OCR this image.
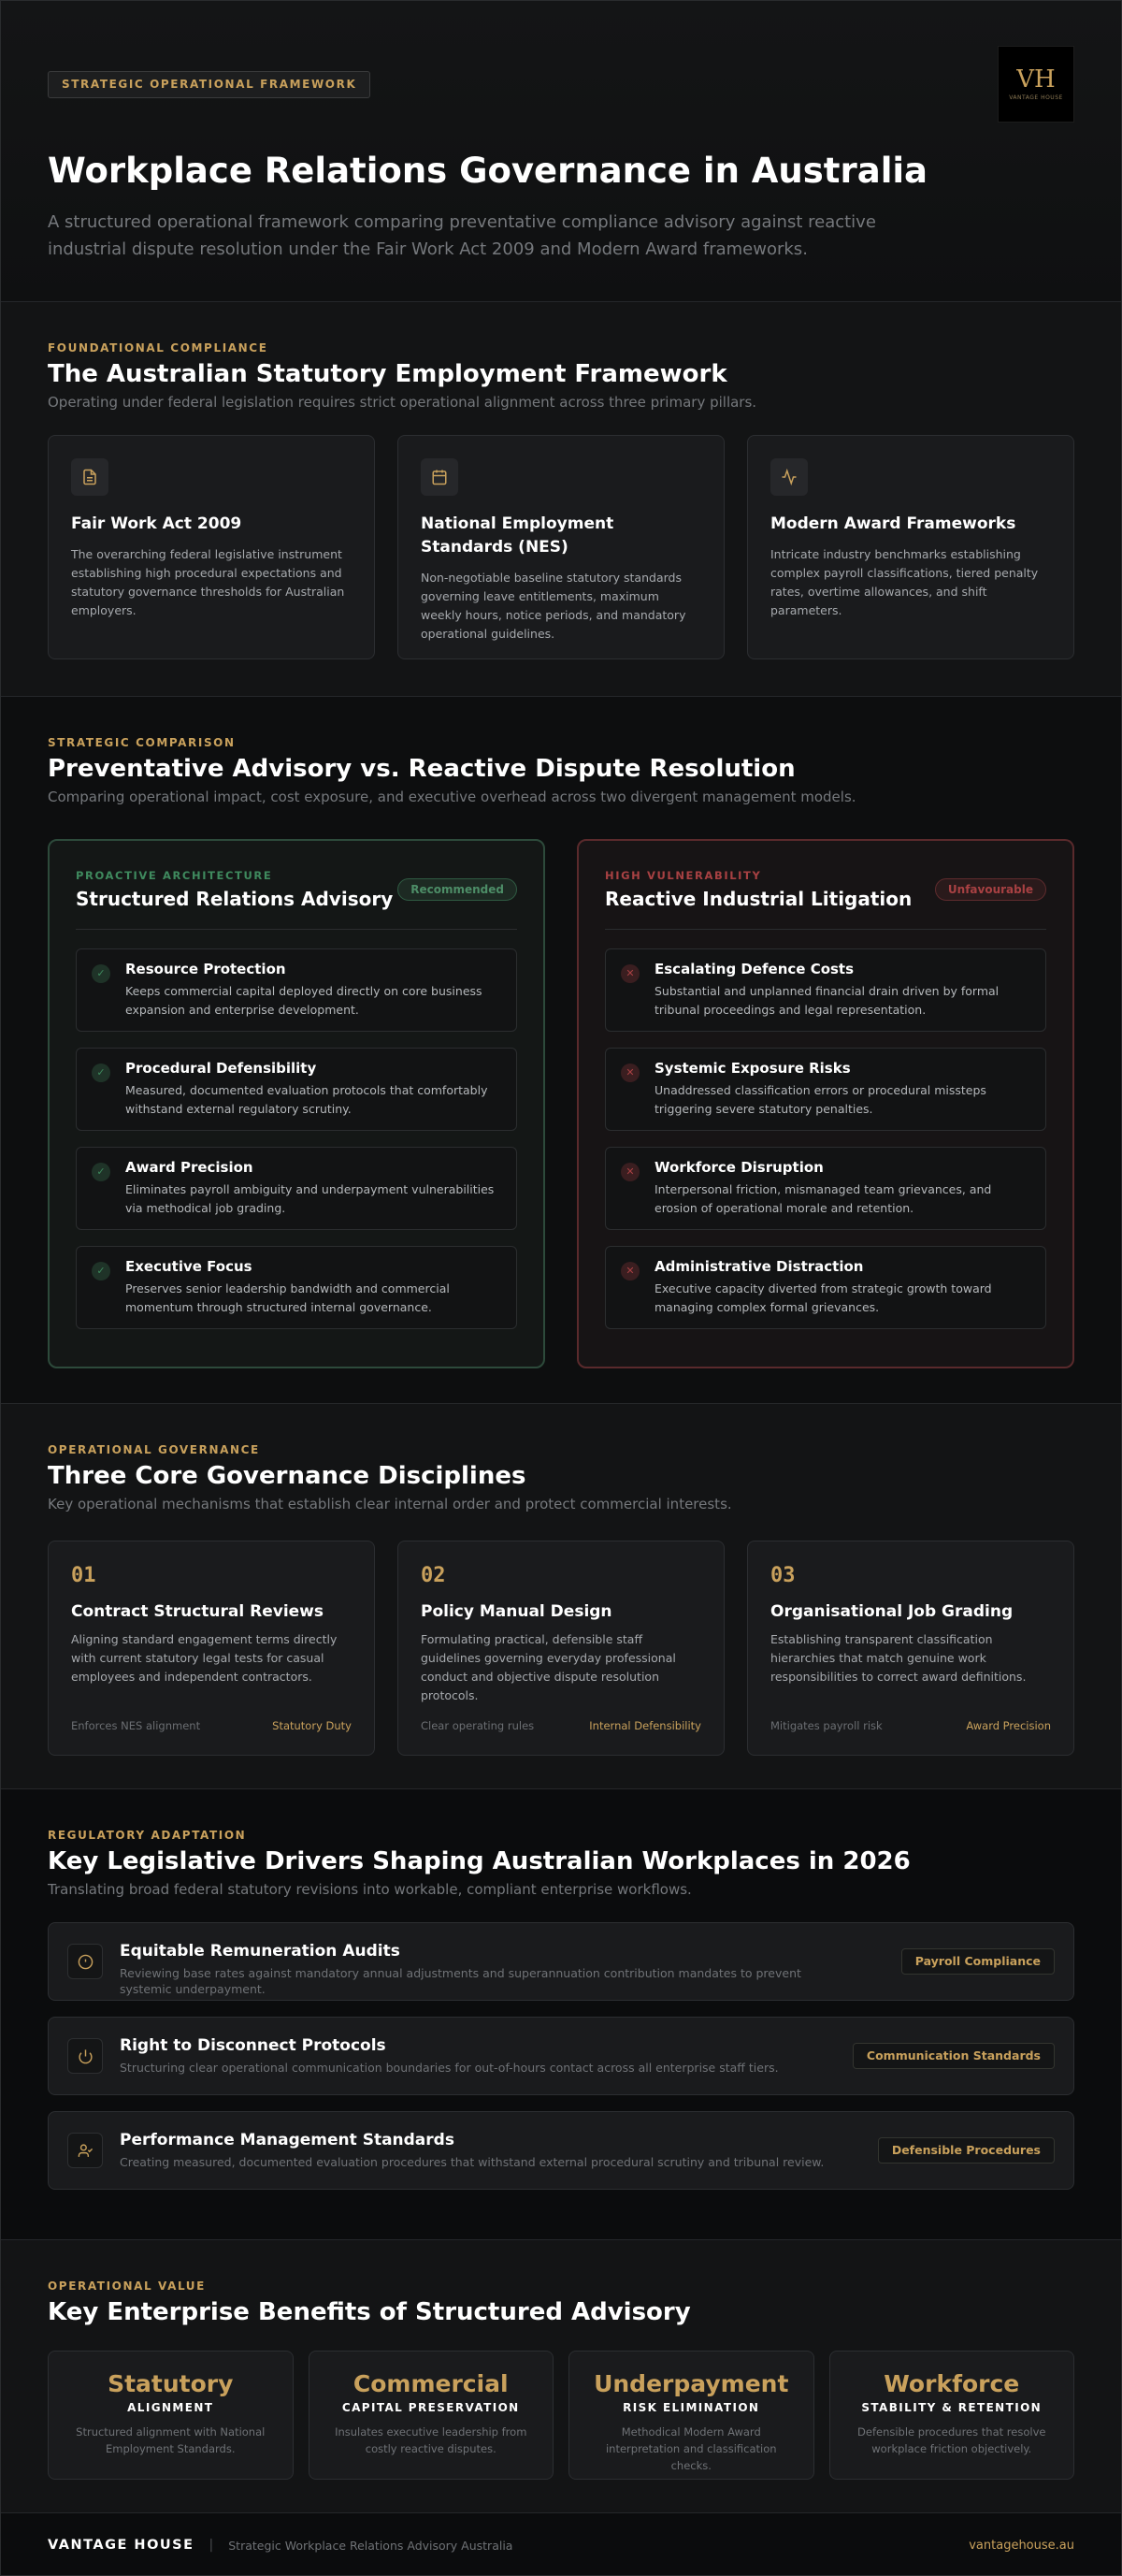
STRATEGIC OPERATIONAL FRAMEWORK	VH
VANTAGE HOUSE
Workplace Relations Governance in Australia

A structured operational framework comparing preventative compliance advisory against reactive industrial dispute resolution under the Fair Work Act 2009 and Modern Award frameworks.

FOUNDATIONAL COMPLIANCE
The Australian Statutory Employment Framework

Operating under federal legislation requires strict operational alignment across three primary pillars.

Fair Work Act 2009

The overarching federal legislative instrument establishing high procedural expectations and statutory governance thresholds for Australian employers.

National Employment Standards (NES)

Non-negotiable baseline statutory standards governing leave entitlements, maximum weekly hours, notice periods, and mandatory operational guidelines.

Modern Award Frameworks

Intricate industry benchmarks establishing complex payroll classifications, tiered penalty rates, overtime allowances, and shift parameters.

STRATEGIC COMPARISON
Preventative Advisory vs. Reactive Dispute Resolution

Comparing operational impact, cost exposure, and executive overhead across two divergent management models.

PROACTIVE ARCHITECTURE
Structured Relations Advisory	Recommended
✓	Resource Protection

Keeps commercial capital deployed directly on core business expansion and enterprise development.

✓	Procedural Defensibility

Measured, documented evaluation protocols that comfortably withstand external regulatory scrutiny.

✓	Award Precision

Eliminates payroll ambiguity and underpayment vulnerabilities via methodical job grading.

✓	Executive Focus

Preserves senior leadership bandwidth and commercial momentum through structured internal governance.

HIGH VULNERABILITY
Reactive Industrial Litigation	Unfavourable
✕	Escalating Defence Costs

Substantial and unplanned financial drain driven by formal tribunal proceedings and legal representation.

✕	Systemic Exposure Risks

Unaddressed classification errors or procedural missteps triggering severe statutory penalties.

✕	Workforce Disruption

Interpersonal friction, mismanaged team grievances, and erosion of operational morale and retention.

✕	Administrative Distraction

Executive capacity diverted from strategic growth toward managing complex formal grievances.

OPERATIONAL GOVERNANCE
Three Core Governance Disciplines

Key operational mechanisms that establish clear internal order and protect commercial interests.

01
Contract Structural Reviews

Aligning standard engagement terms directly with current statutory legal tests for casual employees and independent contractors.

Enforces NES alignment	Statutory Duty
02
Policy Manual Design

Formulating practical, defensible staff guidelines governing everyday professional conduct and objective dispute resolution protocols.

Clear operating rules	Internal Defensibility
03
Organisational Job Grading

Establishing transparent classification hierarchies that match genuine work responsibilities to correct award definitions.

Mitigates payroll risk	Award Precision
REGULATORY ADAPTATION
Key Legislative Drivers Shaping Australian Workplaces in 2026

Translating broad federal statutory revisions into workable, compliant enterprise workflows.

Equitable Remuneration Audits

Reviewing base rates against mandatory annual adjustments and superannuation contribution mandates to prevent systemic underpayment.

Payroll Compliance
Right to Disconnect Protocols

Structuring clear operational communication boundaries for out-of-hours contact across all enterprise staff tiers.

Communication Standards
Performance Management Standards

Creating measured, documented evaluation procedures that withstand external procedural scrutiny and tribunal review.

Defensible Procedures
OPERATIONAL VALUE
Key Enterprise Benefits of Structured Advisory
Statutory
ALIGNMENT
Structured alignment with National Employment Standards.
Commercial
CAPITAL PRESERVATION
Insulates executive leadership from costly reactive disputes.
Underpayment
RISK ELIMINATION
Methodical Modern Award interpretation and classification checks.
Workforce
STABILITY & RETENTION
Defensible procedures that resolve workplace friction objectively.
VANTAGE HOUSE | Strategic Workplace Relations Advisory Australia	vantagehouse.au
